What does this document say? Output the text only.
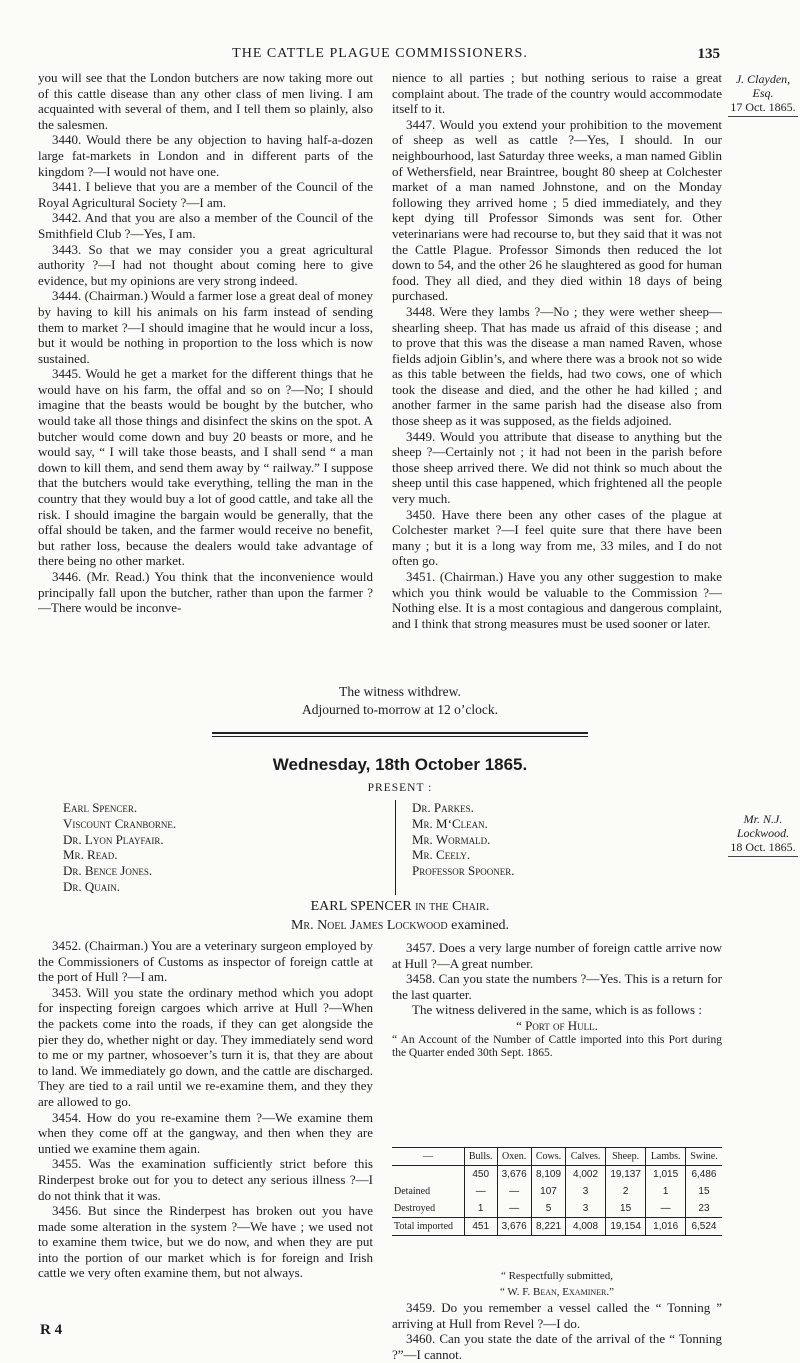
THE CATTLE PLAGUE COMMISSIONERS.	135

you will see that the London butchers are now taking more out of this cattle disease than any other class of men living. I am acquainted with several of them, and I tell them so plainly, also the salesmen.

3440. Would there be any objection to having half-a-dozen large fat-markets in London and in different parts of the kingdom ?—I would not have one.

3441. I believe that you are a member of the Council of the Royal Agricultural Society ?—I am.

3442. And that you are also a member of the Council of the Smithfield Club ?—Yes, I am.

3443. So that we may consider you a great agricultural authority ?—I had not thought about coming here to give evidence, but my opinions are very strong indeed.

3444. (Chairman.) Would a farmer lose a great deal of money by having to kill his animals on his farm instead of sending them to market ?—I should imagine that he would incur a loss, but it would be nothing in proportion to the loss which is now sustained.

3445. Would he get a market for the different things that he would have on his farm, the offal and so on ?—No; I should imagine that the beasts would be bought by the butcher, who would take all those things and disinfect the skins on the spot. A butcher would come down and buy 20 beasts or more, and he would say, “ I will take those beasts, and I shall send “ a man down to kill them, and send them away by “ railway.” I suppose that the butchers would take everything, telling the man in the country that they would buy a lot of good cattle, and take all the risk. I should imagine the bargain would be generally, that the offal should be taken, and the farmer would receive no benefit, but rather loss, because the dealers would take advantage of there being no other market.

3446. (Mr. Read.) You think that the inconvenience would principally fall upon the butcher, rather than upon the farmer ?—There would be inconve-

nience to all parties ; but nothing serious to raise a great complaint about. The trade of the country would accommodate itself to it.

3447. Would you extend your prohibition to the movement of sheep as well as cattle ?—Yes, I should. In our neighbourhood, last Saturday three weeks, a man named Giblin of Wethersfield, near Braintree, bought 80 sheep at Colchester market of a man named Johnstone, and on the Monday following they arrived home ; 5 died immediately, and they kept dying till Professor Simonds was sent for. Other veterinarians were had recourse to, but they said that it was not the Cattle Plague. Professor Simonds then reduced the lot down to 54, and the other 26 he slaughtered as good for human food. They all died, and they died within 18 days of being purchased.

3448. Were they lambs ?—No ; they were wether sheep—shearling sheep. That has made us afraid of this disease ; and to prove that this was the disease a man named Raven, whose fields adjoin Giblin’s, and where there was a brook not so wide as this table between the fields, had two cows, one of which took the disease and died, and the other he had killed ; and another farmer in the same parish had the disease also from those sheep as it was supposed, as the fields adjoined.

3449. Would you attribute that disease to anything but the sheep ?—Certainly not ; it had not been in the parish before those sheep arrived there. We did not think so much about the sheep until this case happened, which frightened all the people very much.

3450. Have there been any other cases of the plague at Colchester market ?—I feel quite sure that there have been many ; but it is a long way from me, 33 miles, and I do not often go.

3451. (Chairman.) Have you any other suggestion to make which you think would be valuable to the Commission ?—Nothing else. It is a most contagious and dangerous complaint, and I think that strong measures must be used sooner or later.

J. Clayden, Esq.
17 Oct. 1865.
The witness withdrew.
Adjourned to-morrow at 12 o’clock.
Wednesday, 18th October 1865.
PRESENT :
Earl Spencer.
Viscount Cranborne.
Dr. Lyon Playfair.
Mr. Read.
Dr. Bence Jones.
Dr. Quain.
Dr. Parkes.
Mr. M‘Clean.
Mr. Wormald.
Mr. Ceely.
Professor Spooner.
EARL SPENCER in the Chair.
Mr. Noel James Lockwood examined.
Mr. N.J. Lockwood.
18 Oct. 1865.

3452. (Chairman.) You are a veterinary surgeon employed by the Commissioners of Customs as inspector of foreign cattle at the port of Hull ?—I am.

3453. Will you state the ordinary method which you adopt for inspecting foreign cargoes which arrive at Hull ?—When the packets come into the roads, if they can get alongside the pier they do, whether night or day. They immediately send word to me or my partner, whosoever’s turn it is, that they are about to land. We immediately go down, and the cattle are discharged. They are tied to a rail until we re-examine them, and they they are allowed to go.

3454. How do you re-examine them ?—We examine them when they come off at the gangway, and then when they are untied we examine them again.

3455. Was the examination sufficiently strict before this Rinderpest broke out for you to detect any serious illness ?—I do not think that it was.

3456. But since the Rinderpest has broken out you have made some alteration in the system ?—We have ; we used not to examine them twice, but we do now, and when they are put into the portion of our market which is for foreign and Irish cattle we very often examine them, but not always.

3457. Does a very large number of foreign cattle arrive now at Hull ?—A great number.

3458. Can you state the numbers ?—Yes. This is a return for the last quarter.

The witness delivered in the same, which is as follows :

“ Port of Hull.

“ An Account of the Number of Cattle imported into this Port during the Quarter ended 30th Sept. 1865.

—	Bulls.	Oxen.	Cows.	Calves.	Sheep.	Lambs.	Swine.
	450	3,676	8,109	4,002	19,137	1,015	6,486
Detained	—	—	107	3	2	1	15
Destroyed	1	—	5	3	15	—	23
Total imported	451	3,676	8,221	4,008	19,154	1,016	6,524

“ Respectfully submitted,

“ W. F. Bean, Examiner.”

3459. Do you remember a vessel called the “ Tonning ” arriving at Hull from Revel ?—I do.

3460. Can you state the date of the arrival of the “ Tonning ?”—I cannot.

R 4
